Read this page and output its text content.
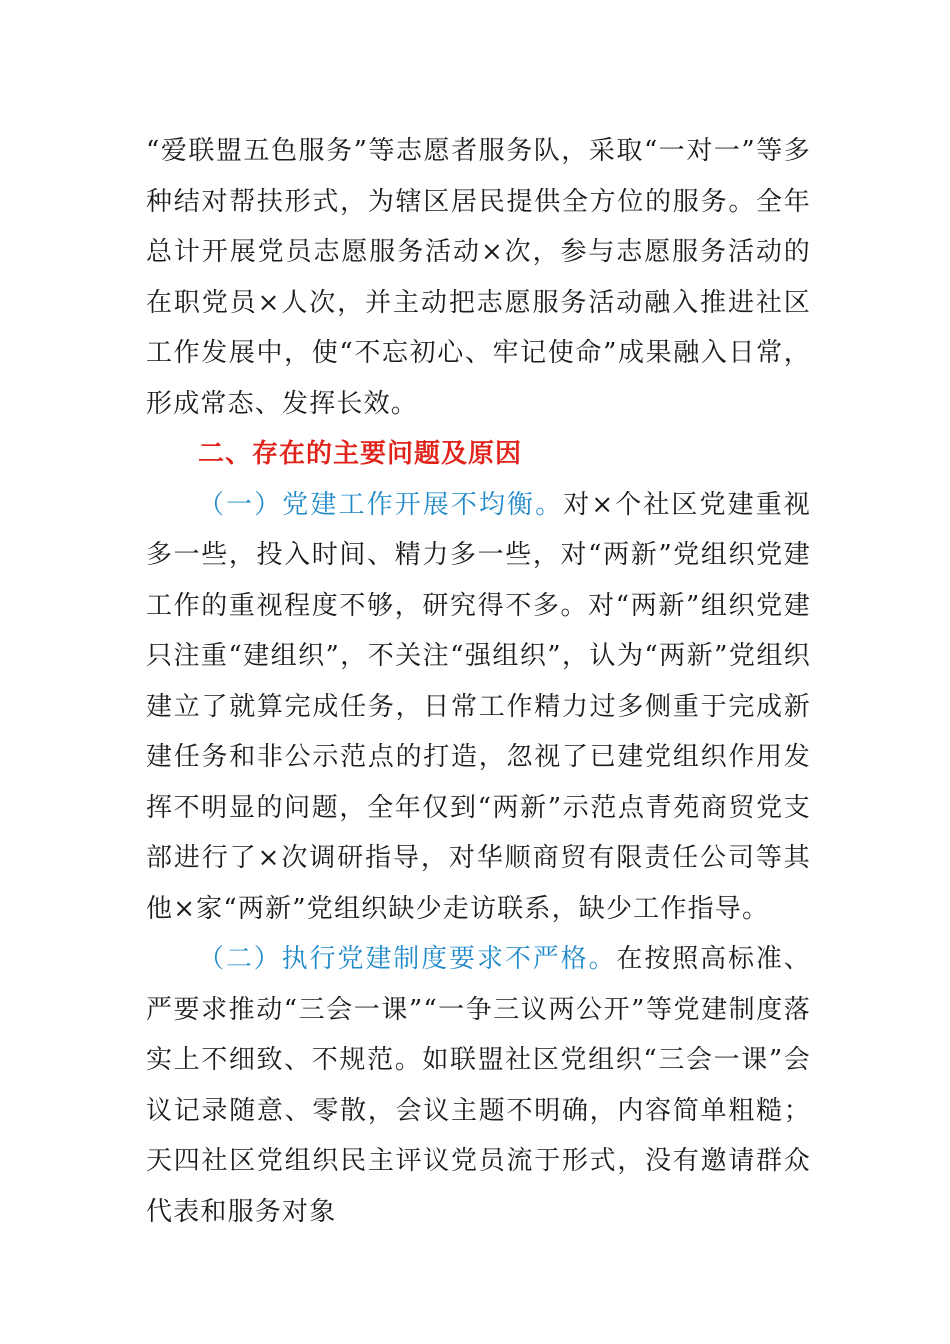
“爱联盟五色服务”等志愿者服务队，采取“一对一”等多种结对帮扶形式，为辖区居民提供全方位的服务。全年总计开展党员志愿服务活动×次，参与志愿服务活动的在职党员×人次，并主动把志愿服务活动融入推进社区工作发展中，使“不忘初心、牢记使命”成果融入日常，形成常态、发挥长效。

二、存在的主要问题及原因

（一）党建工作开展不均衡。对×个社区党建重视多一些，投入时间、精力多一些，对“两新”党组织党建工作的重视程度不够，研究得不多。对“两新”组织党建只注重“建组织”，不关注“强组织”，认为“两新”党组织建立了就算完成任务，日常工作精力过多侧重于完成新建任务和非公示范点的打造，忽视了已建党组织作用发挥不明显的问题，全年仅到“两新”示范点青苑商贸党支部进行了×次调研指导，对华顺商贸有限责任公司等其他×家“两新”党组织缺少走访联系，缺少工作指导。

（二）执行党建制度要求不严格。在按照高标准、严要求推动“三会一课”“一争三议两公开”等党建制度落实上不细致、不规范。如联盟社区党组织“三会一课”会议记录随意、零散，会议主题不明确，内容简单粗糙；天四社区党组织民主评议党员流于形式，没有邀请群众代表和服务对象
